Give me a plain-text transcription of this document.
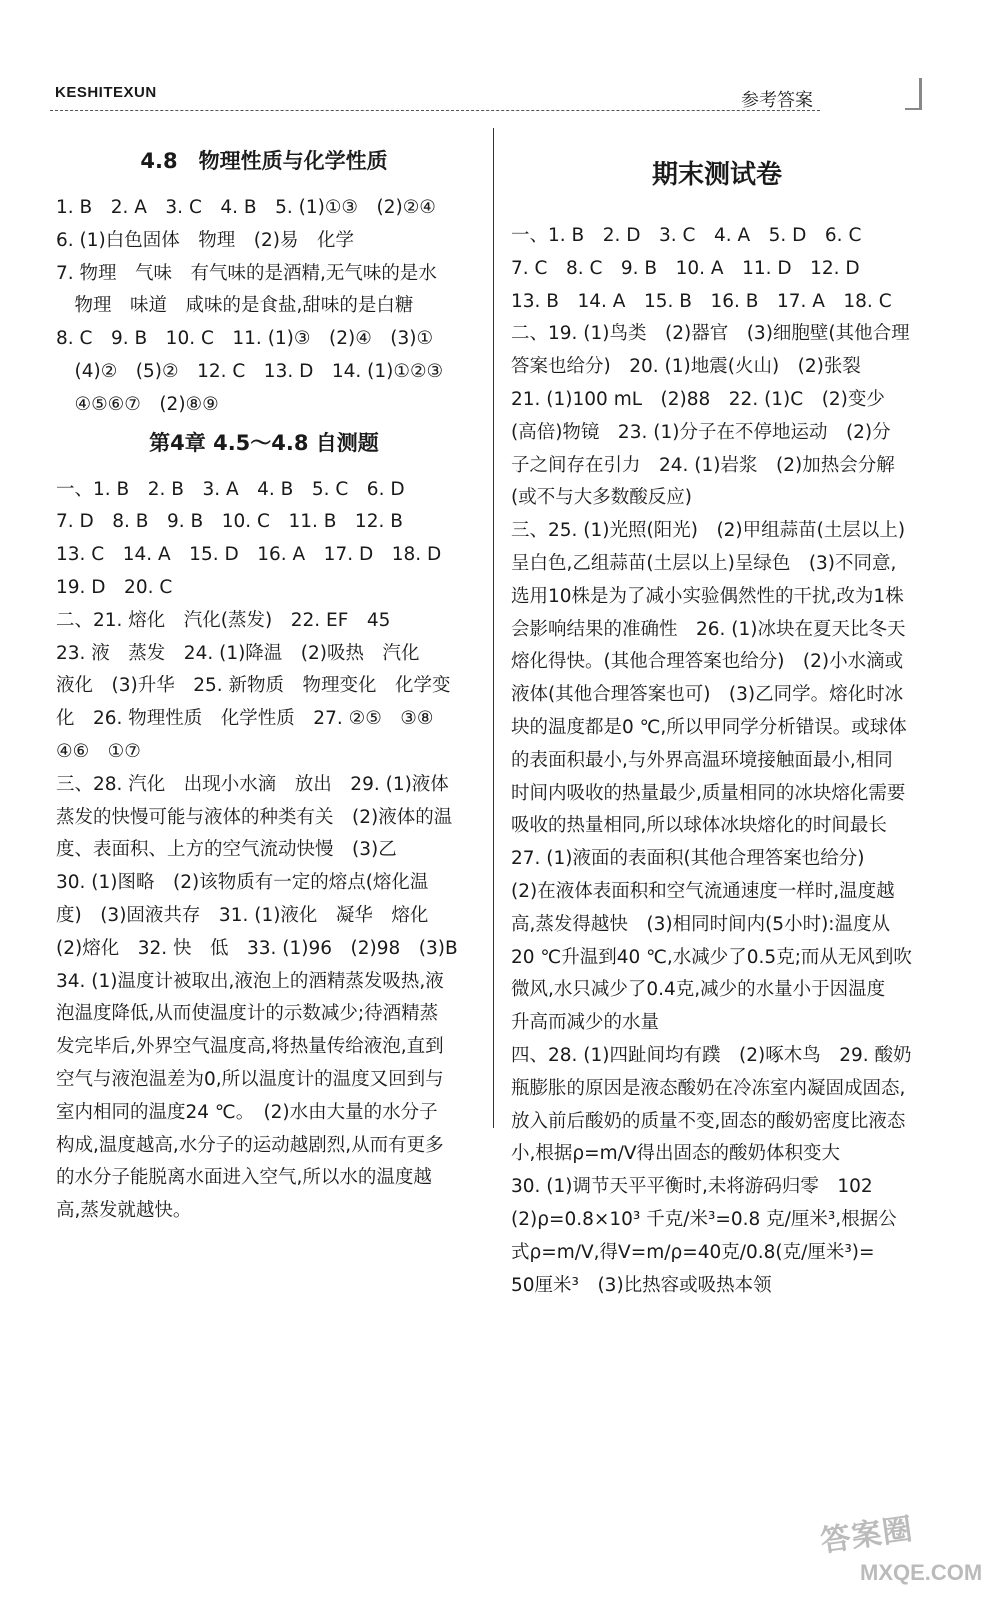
KESHITEXUN	参考答案
4.8　物理性质与化学性质
1. B　2. A　3. C　4. B　5. (1)①③　(2)②④
6. (1)白色固体　物理　(2)易　化学
7. 物理　气味　有气味的是酒精,无气味的是水
　物理　味道　咸味的是食盐,甜味的是白糖
8. C　9. B　10. C　11. (1)③　(2)④　(3)①
　(4)②　(5)②　12. C　13. D　14. (1)①②③
　④⑤⑥⑦　(2)⑧⑨
第4章 4.5～4.8 自测题
一、1. B　2. B　3. A　4. B　5. C　6. D
7. D　8. B　9. B　10. C　11. B　12. B
13. C　14. A　15. D　16. A　17. D　18. D
19. D　20. C
二、21. 熔化　汽化(蒸发)　22. EF　45
23. 液　蒸发　24. (1)降温　(2)吸热　汽化
液化　(3)升华　25. 新物质　物理变化　化学变
化　26. 物理性质　化学性质　27. ②⑤　③⑧
④⑥　①⑦
三、28. 汽化　出现小水滴　放出　29. (1)液体
蒸发的快慢可能与液体的种类有关　(2)液体的温
度、表面积、上方的空气流动快慢　(3)乙
30. (1)图略　(2)该物质有一定的熔点(熔化温
度)　(3)固液共存　31. (1)液化　凝华　熔化
(2)熔化　32. 快　低　33. (1)96　(2)98　(3)B
34. (1)温度计被取出,液泡上的酒精蒸发吸热,液
泡温度降低,从而使温度计的示数减少;待酒精蒸
发完毕后,外界空气温度高,将热量传给液泡,直到
空气与液泡温差为0,所以温度计的温度又回到与
室内相同的温度24 ℃。　(2)水由大量的水分子
构成,温度越高,水分子的运动越剧烈,从而有更多
的水分子能脱离水面进入空气,所以水的温度越
高,蒸发就越快。
期末测试卷
一、1. B　2. D　3. C　4. A　5. D　6. C
7. C　8. C　9. B　10. A　11. D　12. D
13. B　14. A　15. B　16. B　17. A　18. C
二、19. (1)鸟类　(2)器官　(3)细胞壁(其他合理
答案也给分)　20. (1)地震(火山)　(2)张裂
21. (1)100 mL　(2)88　22. (1)C　(2)变少
(高倍)物镜　23. (1)分子在不停地运动　(2)分
子之间存在引力　24. (1)岩浆　(2)加热会分解
(或不与大多数酸反应)
三、25. (1)光照(阳光)　(2)甲组蒜苗(土层以上)
呈白色,乙组蒜苗(土层以上)呈绿色　(3)不同意,
选用10株是为了减小实验偶然性的干扰,改为1株
会影响结果的准确性　26. (1)冰块在夏天比冬天
熔化得快。(其他合理答案也给分)　(2)小水滴或
液体(其他合理答案也可)　(3)乙同学。熔化时冰
块的温度都是0 ℃,所以甲同学分析错误。或球体
的表面积最小,与外界高温环境接触面最小,相同
时间内吸收的热量最少,质量相同的冰块熔化需要
吸收的热量相同,所以球体冰块熔化的时间最长
27. (1)液面的表面积(其他合理答案也给分)
(2)在液体表面积和空气流通速度一样时,温度越
高,蒸发得越快　(3)相同时间内(5小时):温度从
20 ℃升温到40 ℃,水减少了0.5克;而从无风到吹
微风,水只减少了0.4克,减少的水量小于因温度
升高而减少的水量
四、28. (1)四趾间均有蹼　(2)啄木鸟　29. 酸奶
瓶膨胀的原因是液态酸奶在冷冻室内凝固成固态,
放入前后酸奶的质量不变,固态的酸奶密度比液态
小,根据ρ=m/V得出固态的酸奶体积变大
30. (1)调节天平平衡时,未将游码归零　102
(2)ρ=0.8×10³ 千克/米³=0.8 克/厘米³,根据公
式ρ=m/V,得V=m/ρ=40克/0.8(克/厘米³)=
50厘米³　(3)比热容或吸热本领
答案圈
MXQE.COM
